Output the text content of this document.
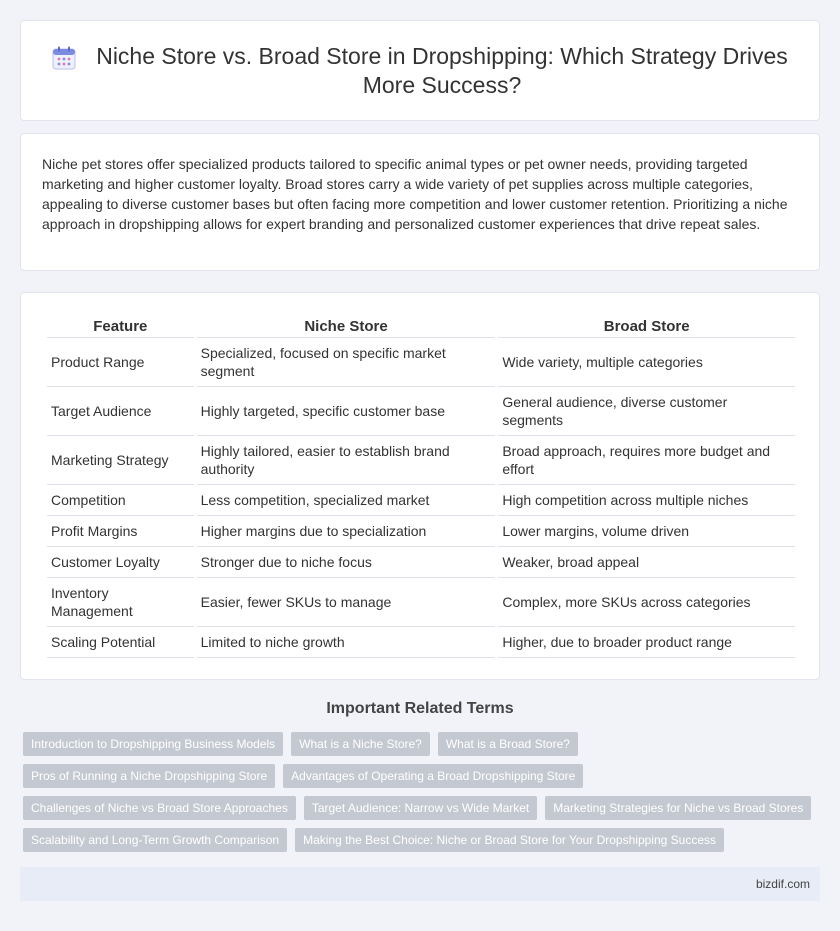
Niche Store vs. Broad Store in Dropshipping: Which Strategy Drives More Success?

Niche pet stores offer specialized products tailored to specific animal types or pet owner needs, providing targeted marketing and higher customer loyalty. Broad stores carry a wide variety of pet supplies across multiple categories, appealing to diverse customer bases but often facing more competition and lower customer retention. Prioritizing a niche approach in dropshipping allows for expert branding and personalized customer experiences that drive repeat sales.

Feature	Niche Store	Broad Store
Product Range	Specialized, focused on specific market segment	Wide variety, multiple categories
Target Audience	Highly targeted, specific customer base	General audience, diverse customer segments
Marketing Strategy	Highly tailored, easier to establish brand authority	Broad approach, requires more budget and effort
Competition	Less competition, specialized market	High competition across multiple niches
Profit Margins	Higher margins due to specialization	Lower margins, volume driven
Customer Loyalty	Stronger due to niche focus	Weaker, broad appeal
Inventory Management	Easier, fewer SKUs to manage	Complex, more SKUs across categories
Scaling Potential	Limited to niche growth	Higher, due to broader product range
Important Related Terms
Introduction to Dropshipping Business Models	What is a Niche Store?	What is a Broad Store?
Pros of Running a Niche Dropshipping Store	Advantages of Operating a Broad Dropshipping Store
Challenges of Niche vs Broad Store Approaches	Target Audience: Narrow vs Wide Market	Marketing Strategies for Niche vs Broad Stores
Scalability and Long-Term Growth Comparison	Making the Best Choice: Niche or Broad Store for Your Dropshipping Success
bizdif.com
